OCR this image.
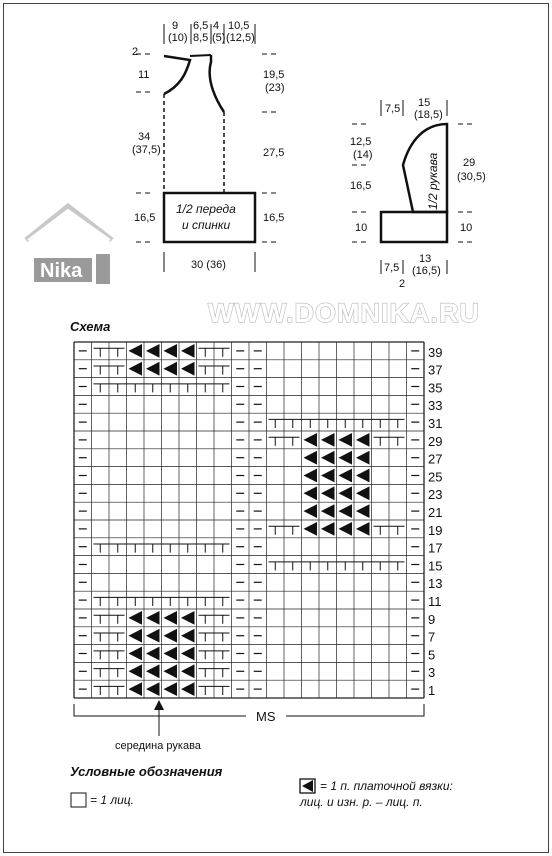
9
(10)
6,5
8,5
4
(5)
10,5
(12,5)
2
11
34
(37,5)
16,5
19,5
(23)
27,5
16,5
1/2 переда
и спинки
30 (36)
7,5 15
(18,5)
1/2 рукава
12,5
(14)
16,5
10
29
(30,5)
10
7,5
13
(16,5)
2
Nika
WWW.DOMNIKA.RU
Схема
39
37
35
33
31
29
27
25
23
21
19
17
15
13
11
9
7
5
3
1
MS
середина рукава
Условные обозначения
= 1 лиц.
= 1 п. платочной вязки:
лиц. и изн. р. – лиц. п.
